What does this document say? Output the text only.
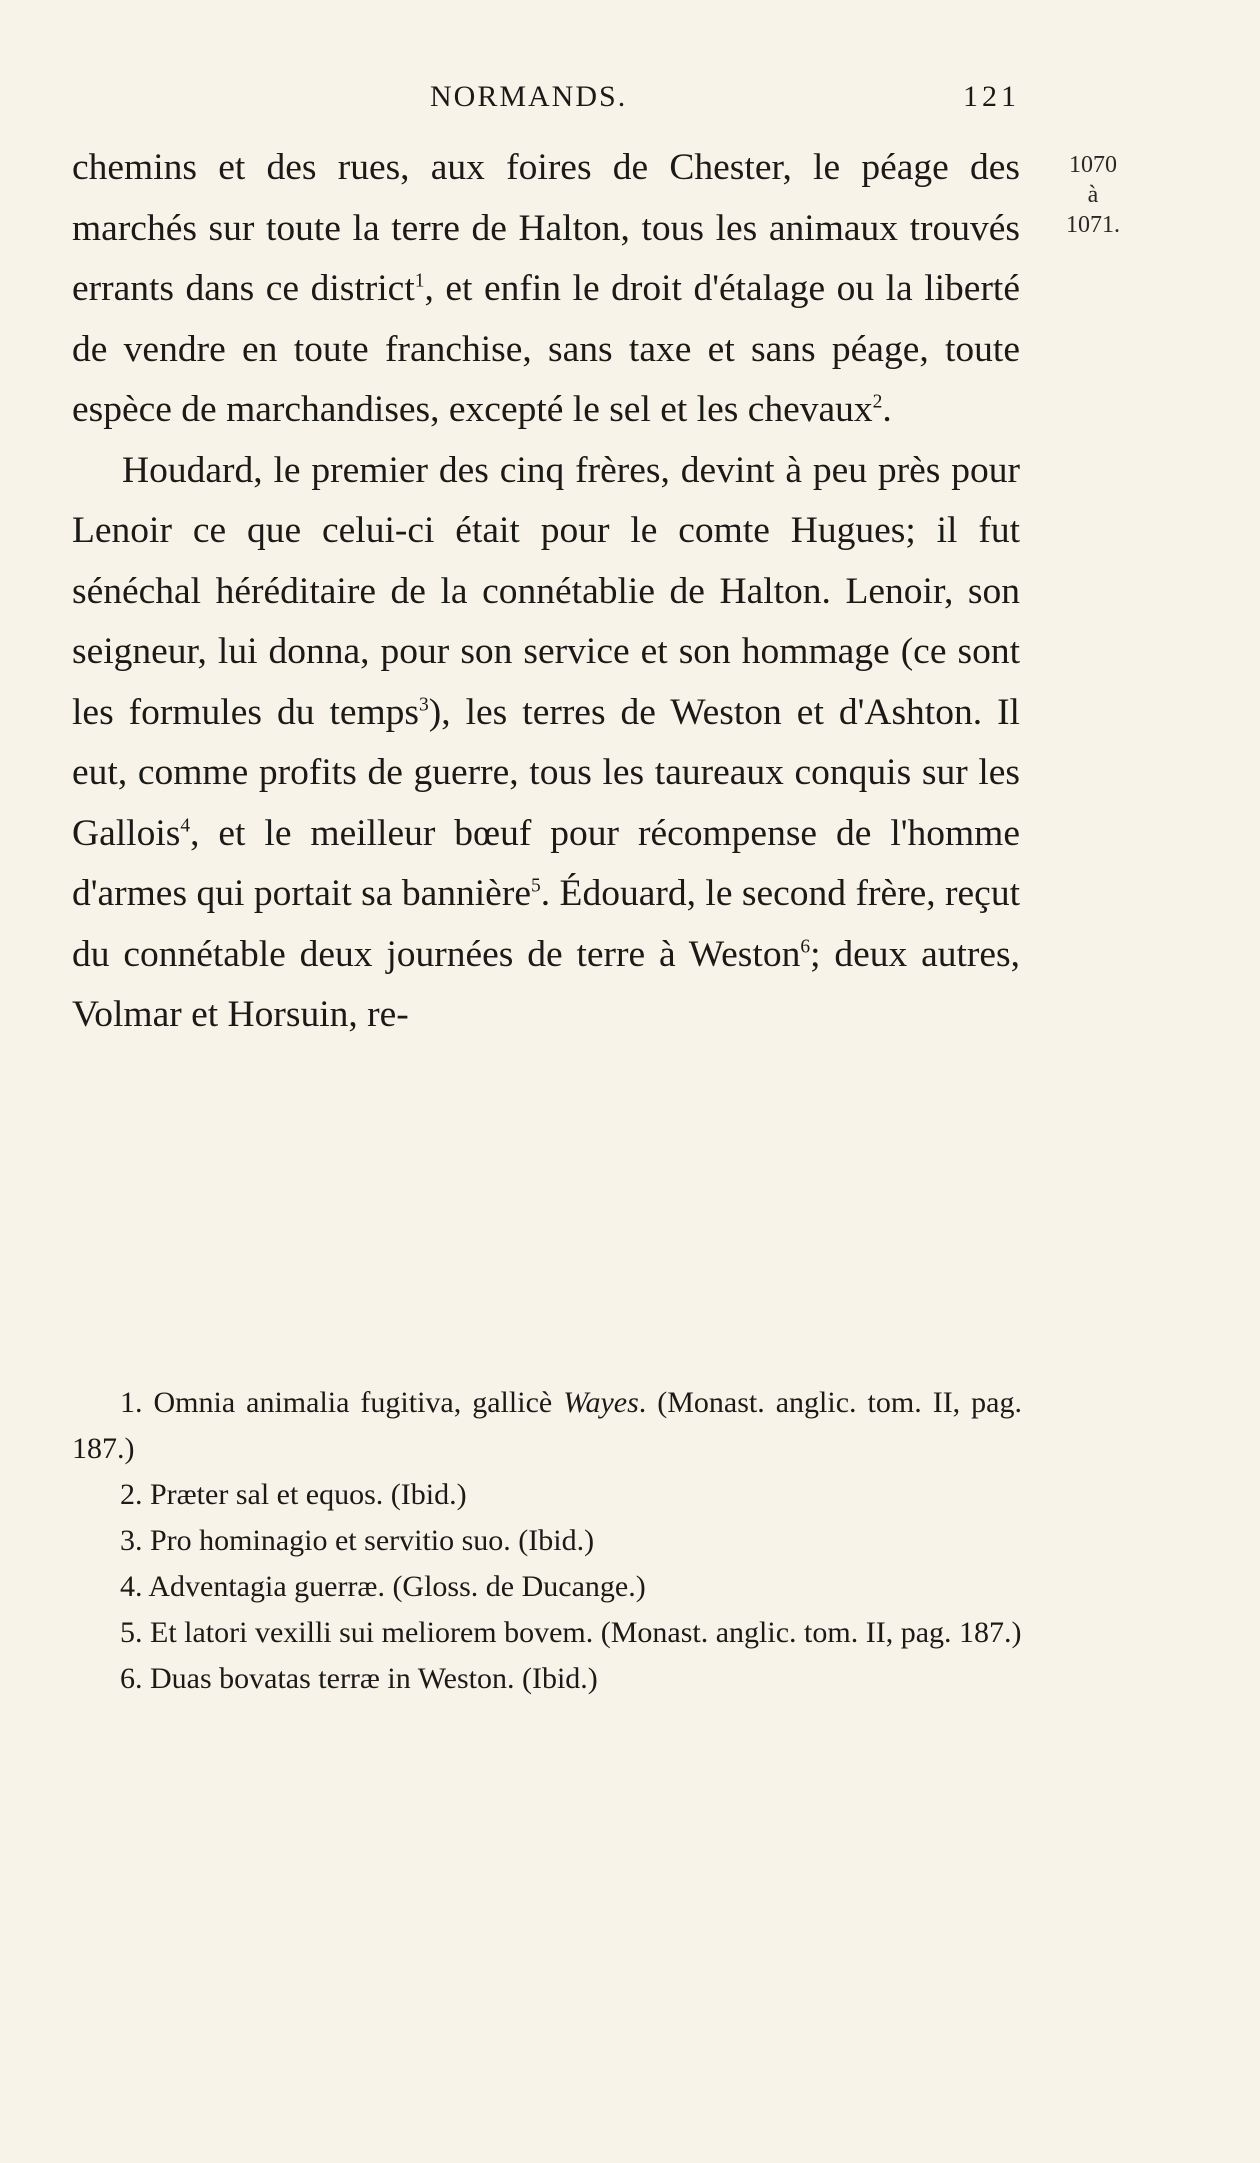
NORMANDS.	121
1070
à
1071.

chemins et des rues, aux foires de Chester, le péage des marchés sur toute la terre de Halton, tous les animaux trouvés errants dans ce district$^1$, et enfin le droit d'étalage ou la liberté de vendre en toute franchise, sans taxe et sans péage, toute espèce de marchandises, excepté le sel et les chevaux$^2$.

Houdard, le premier des cinq frères, devint à peu près pour Lenoir ce que celui-ci était pour le comte Hugues; il fut sénéchal héréditaire de la connétablie de Halton. Lenoir, son seigneur, lui donna, pour son service et son hommage (ce sont les formules du temps$^3$), les terres de Weston et d'Ashton. Il eut, comme profits de guerre, tous les taureaux conquis sur les Gallois$^4$, et le meilleur bœuf pour récompense de l'homme d'armes qui portait sa bannière$^5$. Édouard, le second frère, reçut du connétable deux journées de terre à Weston$^6$; deux autres, Volmar et Horsuin, re-

1. Omnia animalia fugitiva, gallicè Wayes. (Monast. anglic. tom. II, pag. 187.)

2. Præter sal et equos. (Ibid.)

3. Pro hominagio et servitio suo. (Ibid.)

4. Adventagia guerræ. (Gloss. de Ducange.)

5. Et latori vexilli sui meliorem bovem. (Monast. anglic. tom. II, pag. 187.)

6. Duas bovatas terræ in Weston. (Ibid.)
